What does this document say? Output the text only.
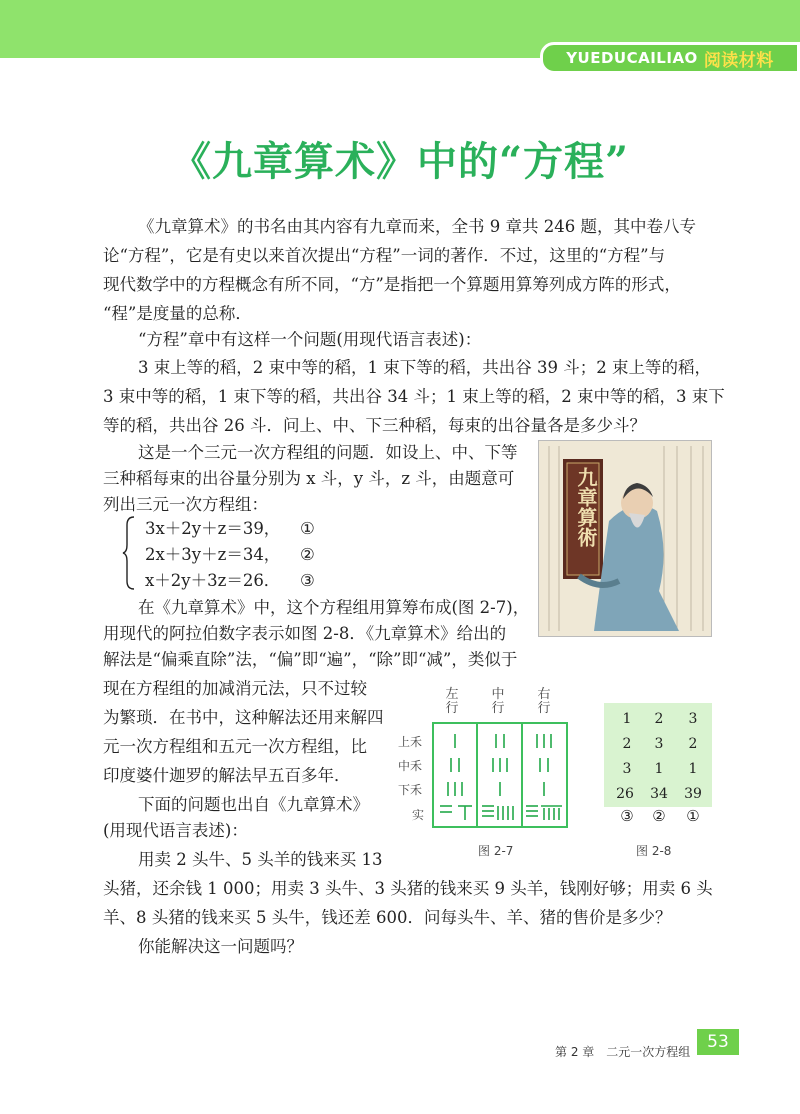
YUEDUCAILIAO 阅读材料
《九章算术》中的“方程”
《九章算术》的书名由其内容有九章而来，全书 9 章共 246 题，其中卷八专
论“方程”，它是有史以来首次提出“方程”一词的著作．不过，这里的“方程”与
现代数学中的方程概念有所不同，“方”是指把一个算题用算筹列成方阵的形式，
“程”是度量的总称．
“方程”章中有这样一个问题(用现代语言表述)：
3 束上等的稻，2 束中等的稻，1 束下等的稻，共出谷 39 斗；2 束上等的稻，
3 束中等的稻，1 束下等的稻，共出谷 34 斗；1 束上等的稻，2 束中等的稻，3 束下
等的稻，共出谷 26 斗．问上、中、下三种稻，每束的出谷量各是多少斗？
这是一个三元一次方程组的问题．如设上、中、下等
三种稻每束的出谷量分别为 x 斗，y 斗，z 斗，由题意可
列出三元一次方程组：
3x＋2y＋z＝39， ①
2x＋3y＋z＝34， ②
x＋2y＋3z＝26． ③
在《九章算术》中，这个方程组用算筹布成(图 2-7)，
用现代的阿拉伯数字表示如图 2-8．《九章算术》给出的
解法是“偏乘直除”法，“偏”即“遍”，“除”即“减”，类似于
现在方程组的加减消元法，只不过较
为繁琐．在书中，这种解法还用来解四
元一次方程组和五元一次方程组，比
印度婆什迦罗的解法早五百多年．
下面的问题也出自《九章算术》
(用现代语言表述)：
用卖 2 头牛、5 头羊的钱来买 13
头猪，还余钱 1 000；用卖 3 头牛、3 头猪的钱来买 9 头羊，钱刚好够；用卖 6 头
羊、8 头猪的钱来买 5 头牛，钱还差 600．问每头牛、羊、猪的售价是多少？
你能解决这一问题吗？
九章算術
左行
中行
右行
上禾
中禾
下禾
实
图 2-7
1	2	3
2	3	2
3	1	1
26	34	39
③	②	①
图 2-8
第 2 章　二元一次方程组 53
